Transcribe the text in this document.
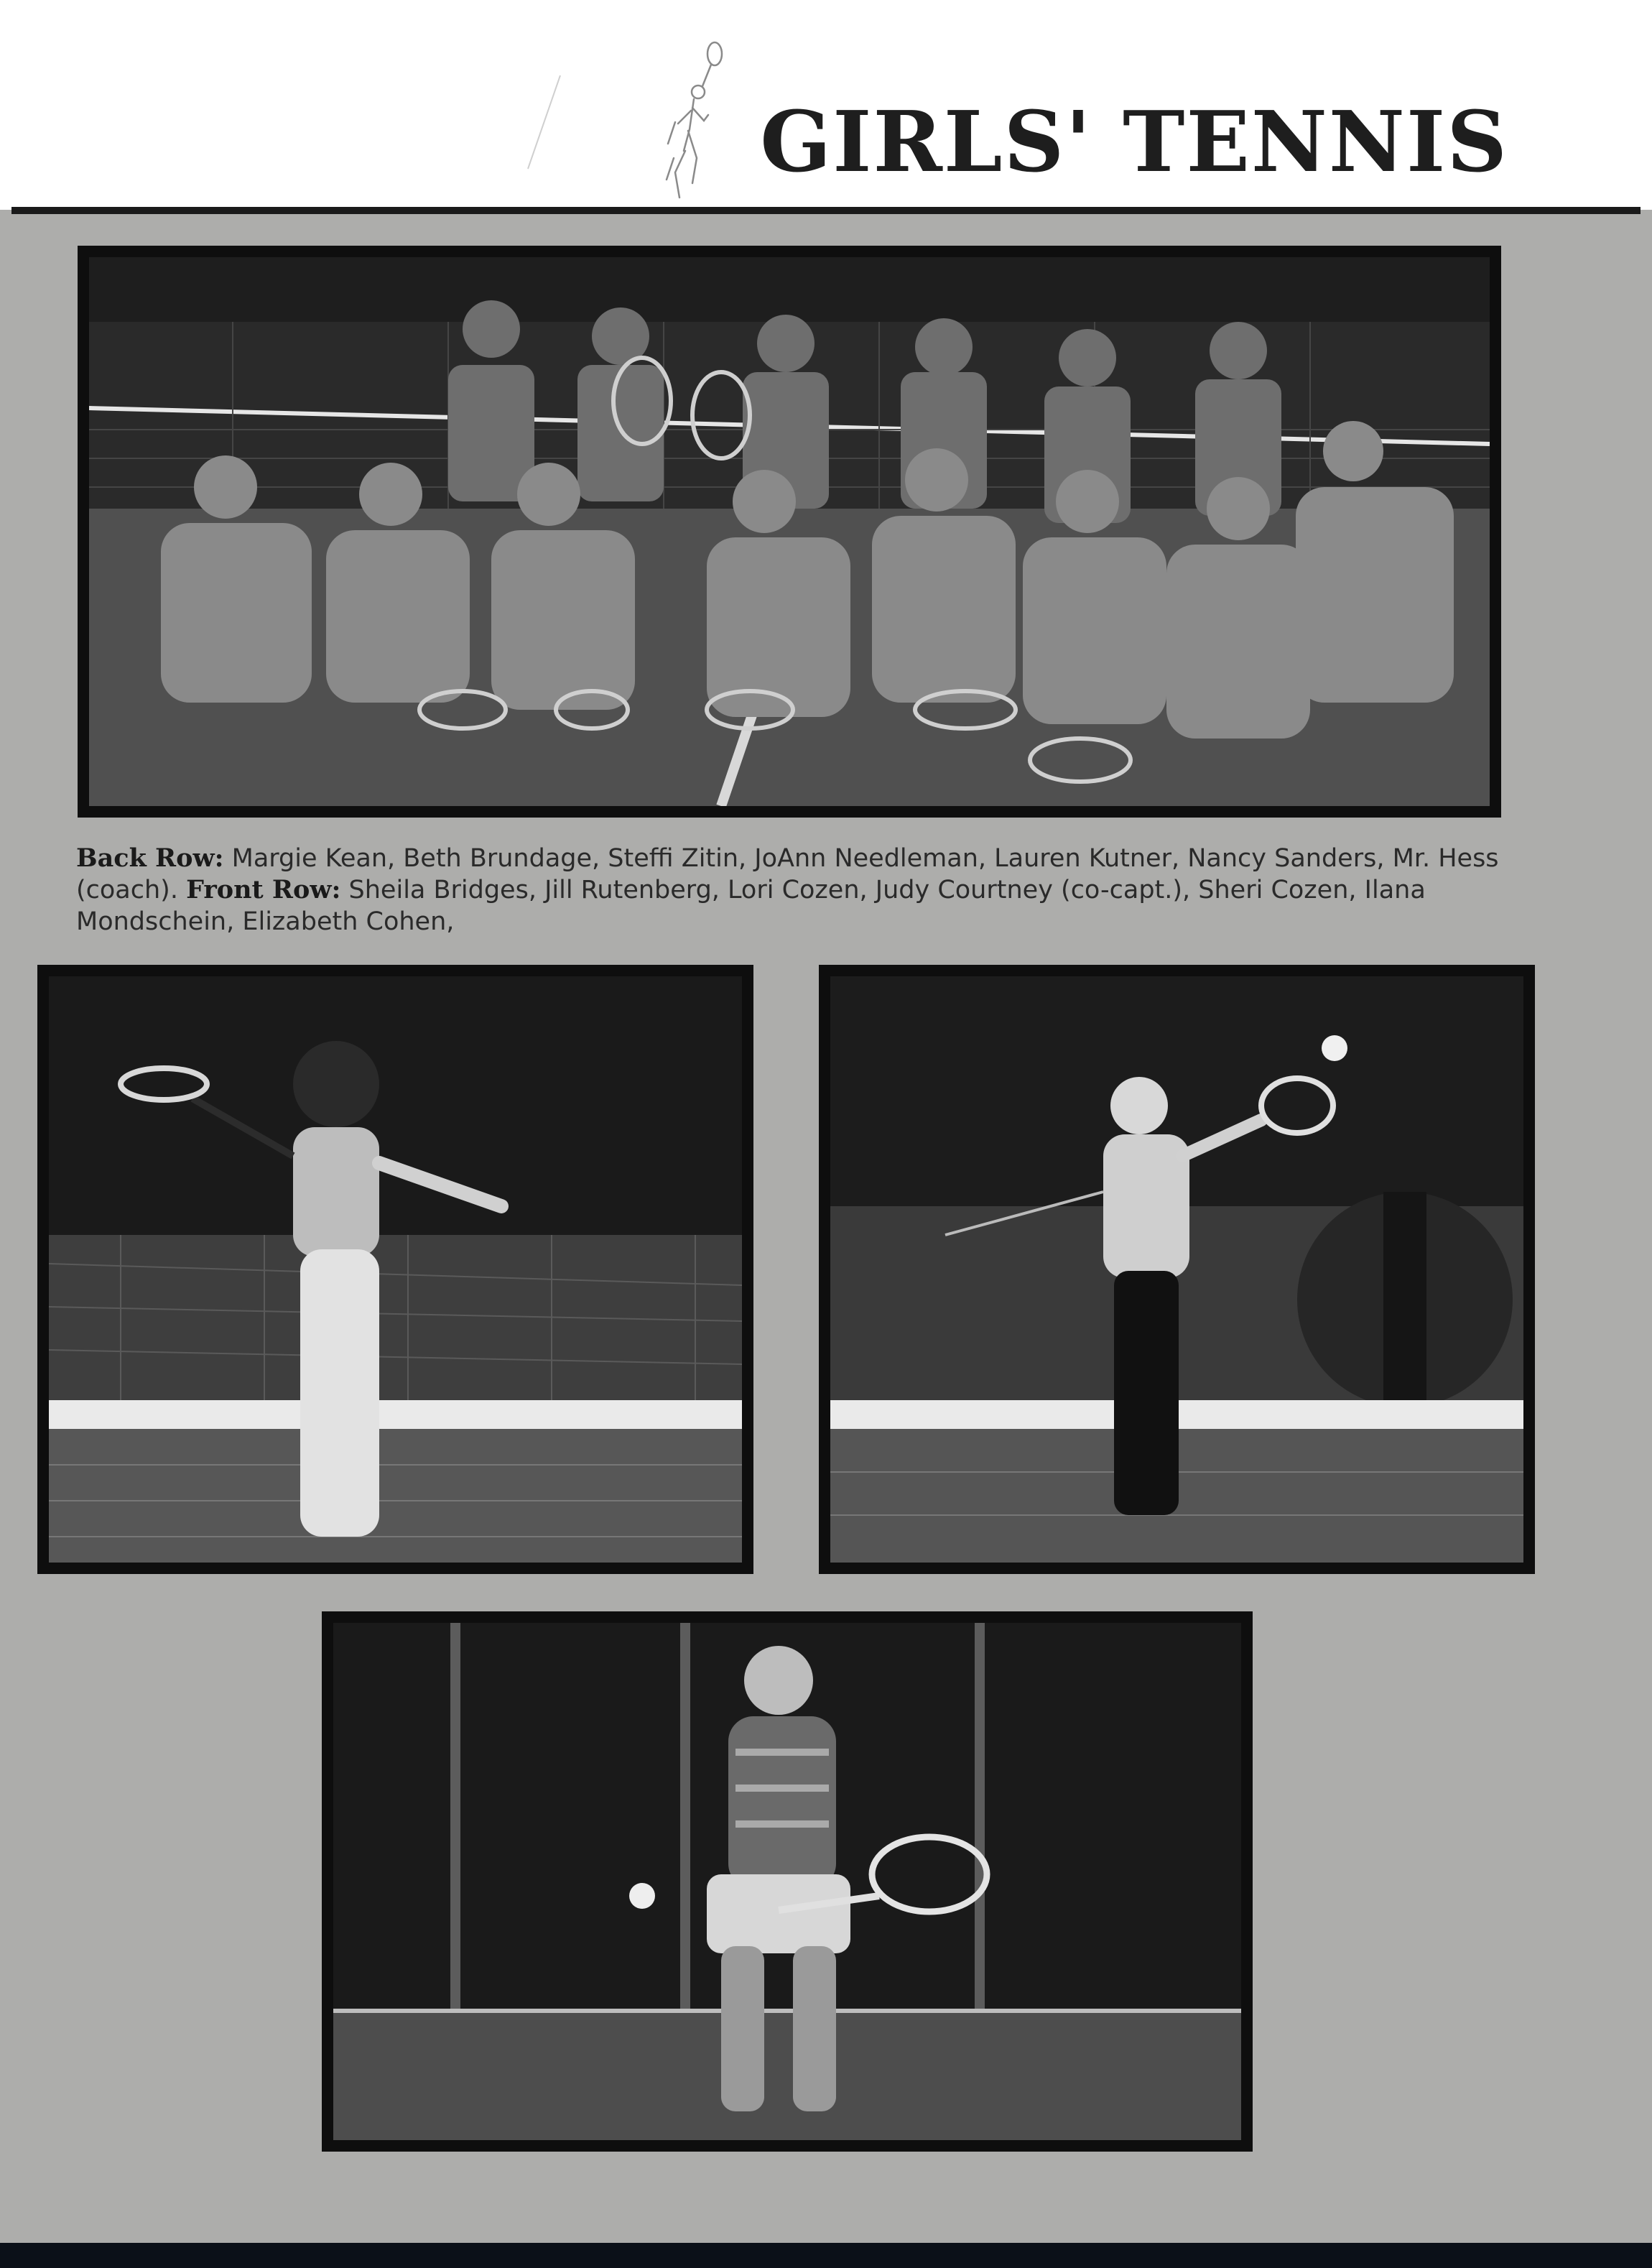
GIRLS' TENNIS

Back Row: Margie Kean, Beth Brundage, Steffi Zitin, JoAnn Needleman, Lauren Kutner, Nancy Sanders, Mr. Hess (coach). Front Row: Sheila Bridges, Jill Rutenberg, Lori Cozen, Judy Courtney (co-capt.), Sheri Cozen, Ilana Mondschein, Elizabeth Cohen,
